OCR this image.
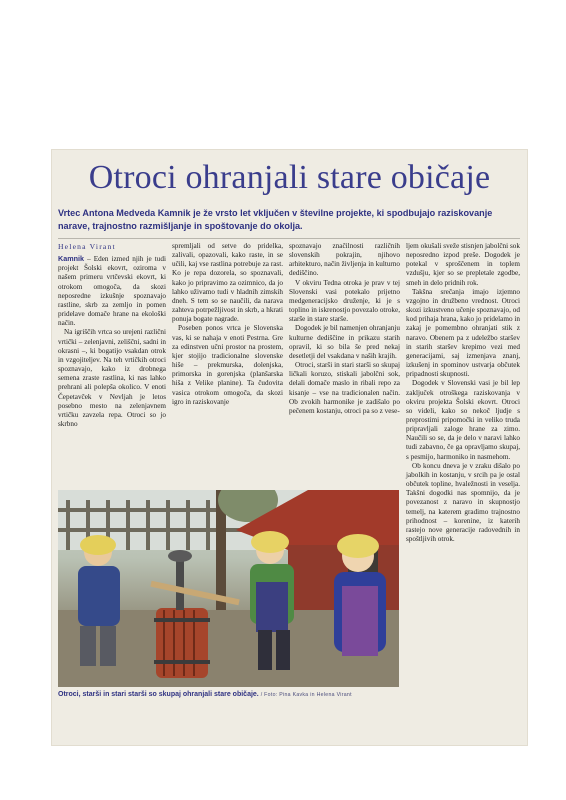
Otroci ohranjali stare običaje
Vrtec Antona Medveda Kamnik je že vrsto let vključen v številne projekte, ki spodbujajo raziskovanje narave, trajnostno razmišljanje in spoštovanje do okolja.
Helena Virant

Kamnik – Eden izmed njih je tudi projekt Šolski ekovrt, oziroma v našem primeru vrtčevski ekovrt, ki otrokom omogoča, da skozi neposredne izkušnje spoznavajo rastline, skrb za zemljo in pomen pridelave domače hrane na ekološki način.

Na igriščih vrtca so urejeni različni vrtički – zelenjavni, zeliščni, sadni in okrasni –, ki bogatijo vsakdan otrok in vzgojiteljev. Na teh vrtičkih otroci spoznavajo, kako iz drobnega semena zraste rastlina, ki nas lahko prehrani ali polepša okolico. V enoti Čepetavček v Nevljah je letos posebno mesto na zelenjavnem vrtičku zavzela repa. Otroci so jo skrbno

spremljali od setve do pridelka, zalivali, opazovali, kako raste, in se učili, kaj vse rastlina potrebuje za rast. Ko je repa dozorela, so spoznavali, kako jo pripravimo za ozimnico, da jo lahko uživamo tudi v hladnih zimskih dneh. S tem so se naučili, da narava zahteva potrpežljivost in skrb, a hkrati ponuja bogate nagrade.

Poseben ponos vrtca je Slovenska vas, ki se nahaja v enoti Pestrna. Gre za edinstven učni prostor na prostem, kjer stojijo tradicionalne slovenske hiše – prekmurska, dolenjska, primorska in gorenjska (planšarska hiša z Velike planine). Ta čudovita vasica otrokom omogoča, da skozi igro in raziskovanje

spoznavajo značilnosti različnih slovenskih pokrajin, njihovo arhitekturo, način življenja in kulturno dediščino.

V okviru Tedna otroka je prav v tej Slovenski vasi potekalo prijetno medgeneracijsko druženje, ki je s toplino in iskrenostjo povezalo otroke, starše in stare starše.

Dogodek je bil namenjen ohranjanju kulturne dediščine in prikazu starih opravil, ki so bila še pred nekaj desetletji del vsakdana v naših krajih.

Otroci, starši in stari starši so skupaj ličkali koruzo, stiskali jabolčni sok, delali domače maslo in ribali repo za kisanje – vse na tradicionalen način. Ob zvokih harmonike je zadišalo po pečenem kostanju, otroci pa so z vese-

ljem okušali sveže stisnjen jabolčni sok neposredno izpod preše. Dogodek je potekal v sproščenem in toplem vzdušju, kjer so se prepletale zgodbe, smeh in delo pridnih rok.

Takšna srečanja imajo izjemno vzgojno in družbeno vrednost. Otroci skozi izkustveno učenje spoznavajo, od kod prihaja hrana, kako jo pridelamo in zakaj je pomembno ohranjati stik z naravo. Obenem pa z udeležbo staršev in starih staršev krepimo vezi med generacijami, saj izmenjava znanj, izkušenj in spominov ustvarja občutek pripadnosti skupnosti.

Dogodek v Slovenski vasi je bil lep zaključek otroškega raziskovanja v okviru projekta Šolski ekovrt. Otroci so videli, kako so nekoč ljudje s preprostimi pripomočki in veliko truda pripravljali zaloge hrane za zimo. Naučili so se, da je delo v naravi lahko tudi zabavno, če ga opravljamo skupaj, s pesmijo, harmoniko in nasmehom.

Ob koncu dneva je v zraku dišalo po jabolkih in kostanju, v srcih pa je ostal občutek topline, hvaležnosti in veselja. Takšni dogodki nas spomnijo, da je povezanost z naravo in skupnostjo temelj, na katerem gradimo trajnostno prihodnost – korenine, iz katerih rastejo nove generacije radovednih in spoštljivih otrok.

Otroci, starši in stari starši so skupaj ohranjali stare običaje. / Foto: Pina Kavka in Helena Virant
